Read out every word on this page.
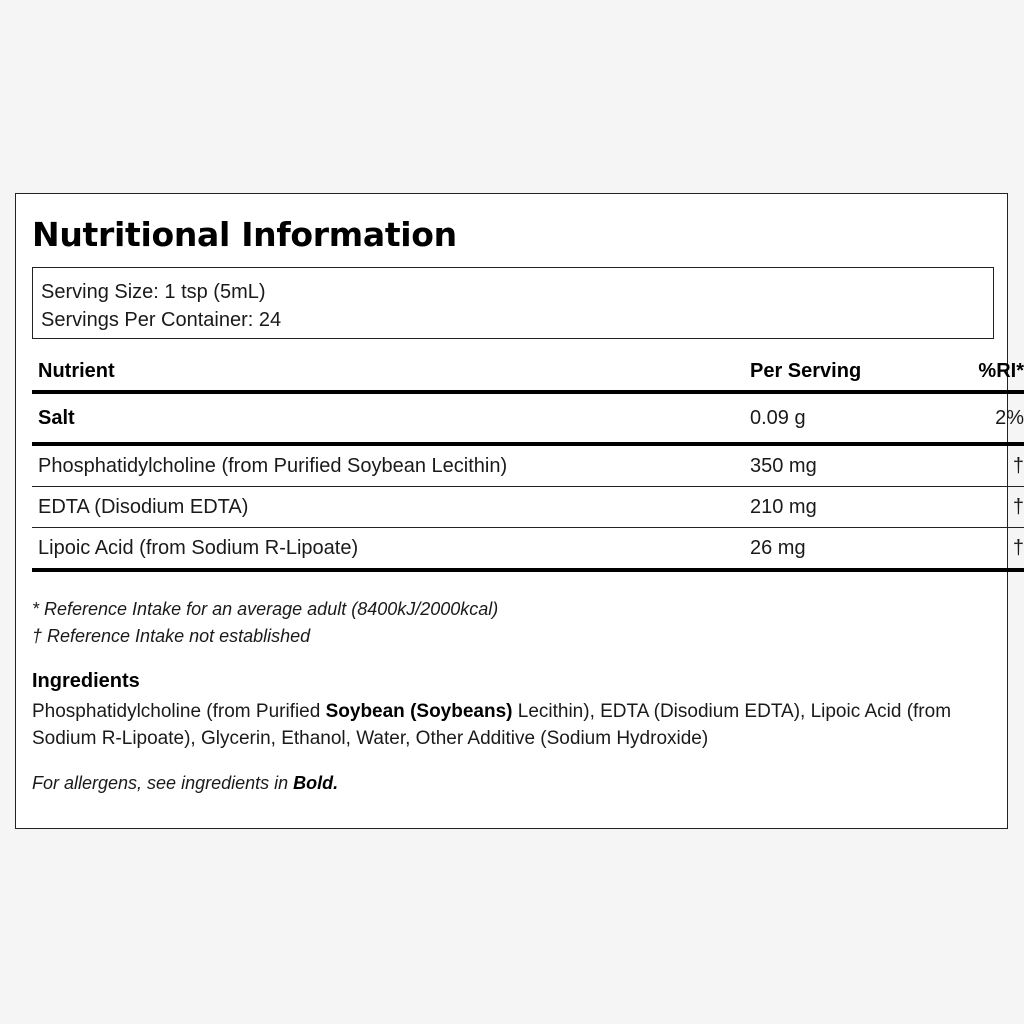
Nutritional Information
Serving Size: 1 tsp (5mL)
Servings Per Container: 24
Nutrient	Per Serving	%RI*
Salt	0.09 g	2%
Phosphatidylcholine (from Purified Soybean Lecithin)	350 mg	†
EDTA (Disodium EDTA)	210 mg	†
Lipoic Acid (from Sodium R-Lipoate)	26 mg	†
* Reference Intake for an average adult (8400kJ/2000kcal)
† Reference Intake not established
Ingredients
Phosphatidylcholine (from Purified Soybean (Soybeans) Lecithin), EDTA (Disodium EDTA), Lipoic Acid (from Sodium R-Lipoate), Glycerin, Ethanol, Water, Other Additive (Sodium Hydroxide)
For allergens, see ingredients in Bold.
